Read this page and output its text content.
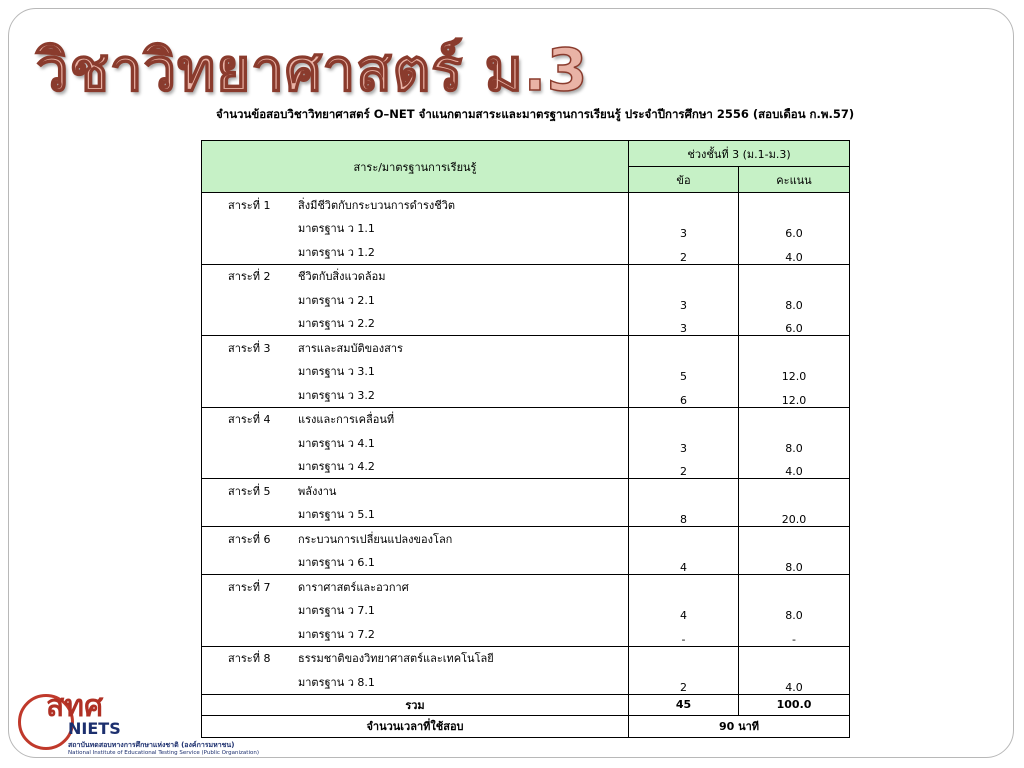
วิชาวิทยาศาสตร์ ม.3
จำนวนข้อสอบวิชาวิทยาศาสตร์ O–NET จำแนกตามสาระและมาตรฐานการเรียนรู้ ประจำปีการศึกษา 2556 (สอบเดือน ก.พ.57)
สาระ/มาตรฐานการเรียนรู้	ช่วงชั้นที่ 3 (ม.1-ม.3)	
	ข้อ	คะแนน

สาระที่ 1 สิ่งมีชีวิตกับกระบวนการดำรงชีวิต		

มาตรฐาน ว 1.1	3	6.0

มาตรฐาน ว 1.2	2	4.0

สาระที่ 2 ชีวิตกับสิ่งแวดล้อม		

มาตรฐาน ว 2.1	3	8.0

มาตรฐาน ว 2.2	3	6.0

สาระที่ 3 สารและสมบัติของสาร		

มาตรฐาน ว 3.1	5	12.0

มาตรฐาน ว 3.2	6	12.0

สาระที่ 4 แรงและการเคลื่อนที่		

มาตรฐาน ว 4.1	3	8.0

มาตรฐาน ว 4.2	2	4.0

สาระที่ 5 พลังงาน		

มาตรฐาน ว 5.1	8	20.0

สาระที่ 6 กระบวนการเปลี่ยนแปลงของโลก		

มาตรฐาน ว 6.1	4	8.0

สาระที่ 7 ดาราศาสตร์และอวกาศ		

มาตรฐาน ว 7.1	4	8.0

มาตรฐาน ว 7.2	-	-

สาระที่ 8 ธรรมชาติของวิทยาศาสตร์และเทคโนโลยี		

มาตรฐาน ว 8.1	2	4.0
รวม	45	100.0
จำนวนเวลาที่ใช้สอบ	90 นาที	
สทศ
NIETS
สถาบันทดสอบทางการศึกษาแห่งชาติ (องค์การมหาชน)
National Institute of Educational Testing Service (Public Organization)
